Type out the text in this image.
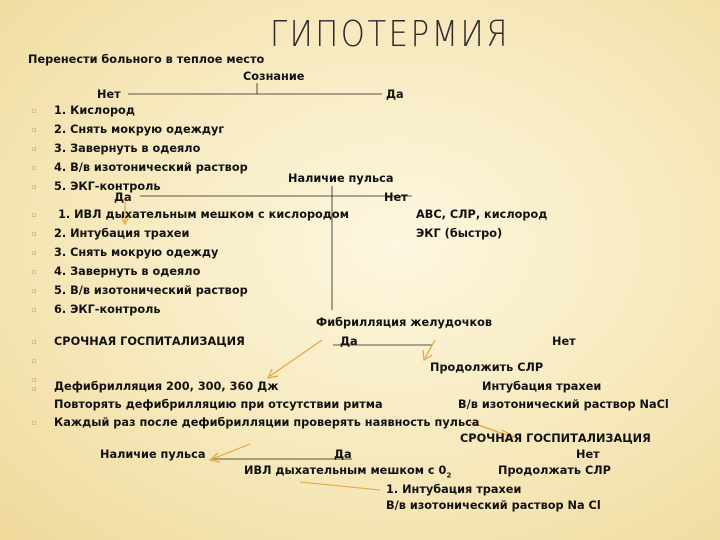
ГИПОТЕРМИЯ
Перенести больного в теплое место
Сознание
Нет	Да
▫ 1. Кислород
▫ 2. Снять мокрую одеждуг
▫ 3. Завернуть в одеяло
▫ 4. В/в изотонический раствор
▫ 5. ЭКГ-контроль
Наличие пульса
Да	Нет
▫ 1. ИВЛ дыхательным мешком с кислородом	АВС, СЛР, кислород
▫ 2. Интубация трахеи	ЭКГ (быстро)
▫ 3. Снять мокрую одежду
▫ 4. Завернуть в одеяло
▫ 5. В/в изотонический раствор
▫ 6. ЭКГ-контроль
Фибрилляция желудочков
▫ СРОЧНАЯ ГОСПИТАЛИЗАЦИЯ	Да	Нет
▫
▫
Продолжить СЛР
▫ Дефибрилляция 200, 300, 360 Дж	Интубация трахеи
Повторять дефибрилляцию при отсутствии ритма	В/в изотонический раствор NaCl
▫ Каждый раз после дефибрилляции проверять наявность пульса
СРОЧНАЯ ГОСПИТАЛИЗАЦИЯ
Наличие пульса	Да	Нет
ИВЛ дыхательным мешком с $0_2$	Продолжать СЛР
1. Интубация трахеи
В/в изотонический раствор Na Cl
